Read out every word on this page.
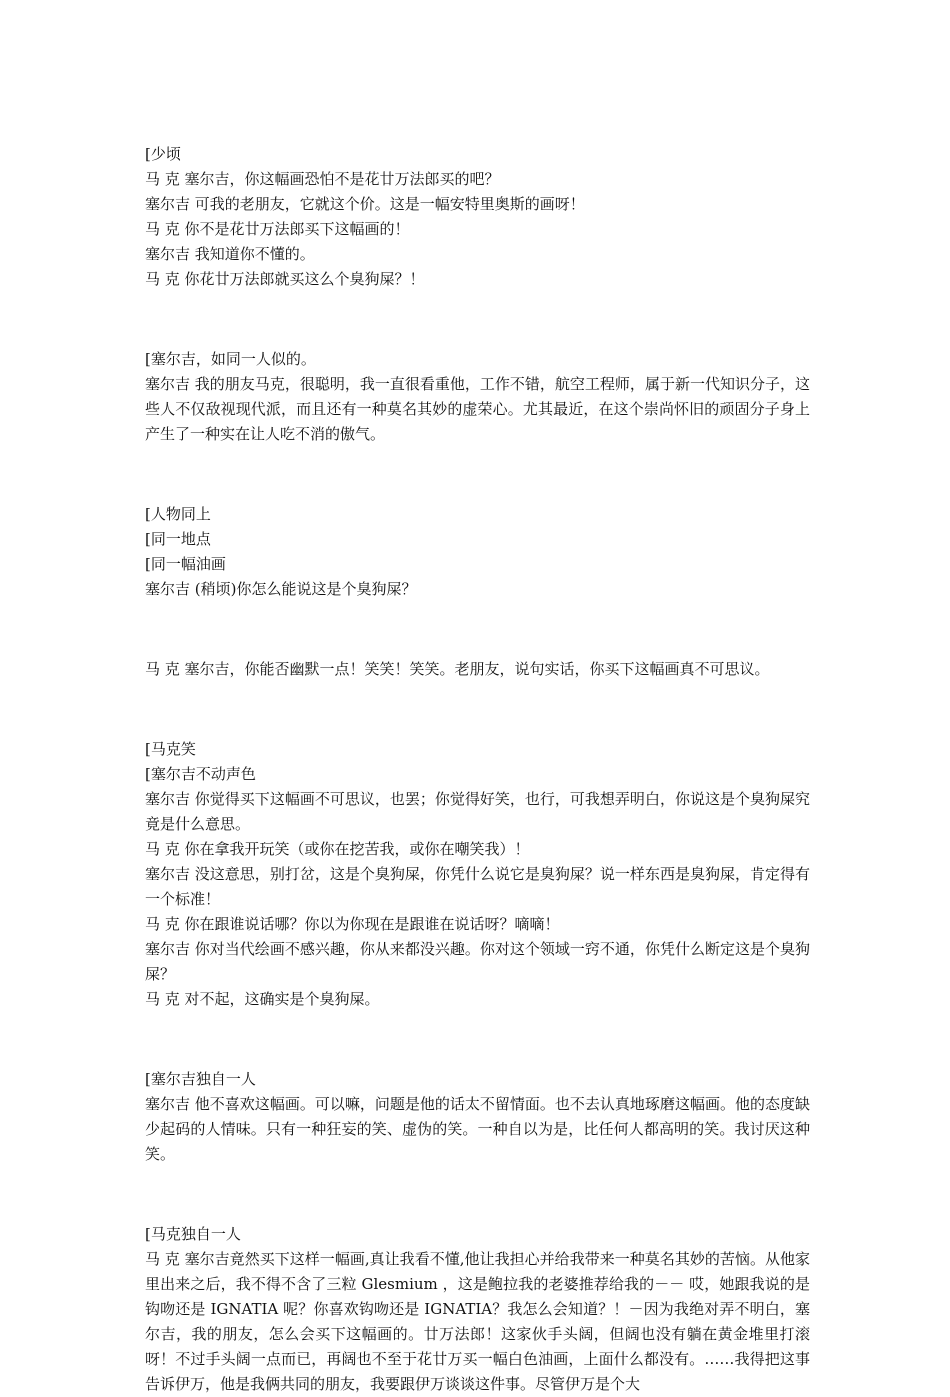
[少顷

马 克 塞尔吉，你这幅画恐怕不是花廿万法郎买的吧？

塞尔吉 可我的老朋友，它就这个价。这是一幅安特里奥斯的画呀！

马 克 你不是花廿万法郎买下这幅画的！

塞尔吉 我知道你不懂的。

马 克 你花廿万法郎就买这么个臭狗屎？！

[塞尔吉，如同一人似的。

塞尔吉 我的朋友马克，很聪明，我一直很看重他，工作不错，航空工程师，属于新一代知识分子，这些人不仅敌视现代派，而且还有一种莫名其妙的虚荣心。尤其最近，在这个崇尚怀旧的顽固分子身上产生了一种实在让人吃不消的傲气。

[人物同上

[同一地点

[同一幅油画

塞尔吉 (稍顷)你怎么能说这是个臭狗屎？

马 克 塞尔吉，你能否幽默一点！笑笑！笑笑。老朋友，说句实话，你买下这幅画真不可思议。

[马克笑

[塞尔吉不动声色

塞尔吉 你觉得买下这幅画不可思议，也罢；你觉得好笑，也行，可我想弄明白，你说这是个臭狗屎究竟是什么意思。

马 克 你在拿我开玩笑（或你在挖苦我，或你在嘲笑我）！

塞尔吉 没这意思，别打岔，这是个臭狗屎，你凭什么说它是臭狗屎？说一样东西是臭狗屎，肯定得有一个标准！

马 克 你在跟谁说话哪？你以为你现在是跟谁在说话呀？嘀嘀！

塞尔吉 你对当代绘画不感兴趣，你从来都没兴趣。你对这个领域一窍不通，你凭什么断定这是个臭狗屎？

马 克 对不起，这确实是个臭狗屎。

[塞尔吉独自一人

塞尔吉 他不喜欢这幅画。可以嘛，问题是他的话太不留情面。也不去认真地琢磨这幅画。他的态度缺少起码的人情味。只有一种狂妄的笑、虚伪的笑。一种自以为是，比任何人都高明的笑。我讨厌这种笑。

[马克独自一人

马 克 塞尔吉竟然买下这样一幅画,真让我看不懂,他让我担心并给我带来一种莫名其妙的苦恼。从他家里出来之后，我不得不含了三粒 Glesmium ，这是鲍拉我的老婆推荐给我的－－ 哎，她跟我说的是钩吻还是 IGNATIA 呢？你喜欢钩吻还是 IGNATIA？我怎么会知道？！－因为我绝对弄不明白，塞尔吉，我的朋友，怎么会买下这幅画的。廿万法郎！这家伙手头阔，但阔也没有躺在黄金堆里打滚呀！不过手头阔一点而已，再阔也不至于花廿万买一幅白色油画，上面什么都没有。……我得把这事告诉伊万，他是我俩共同的朋友，我要跟伊万谈谈这件事。尽管伊万是个大
